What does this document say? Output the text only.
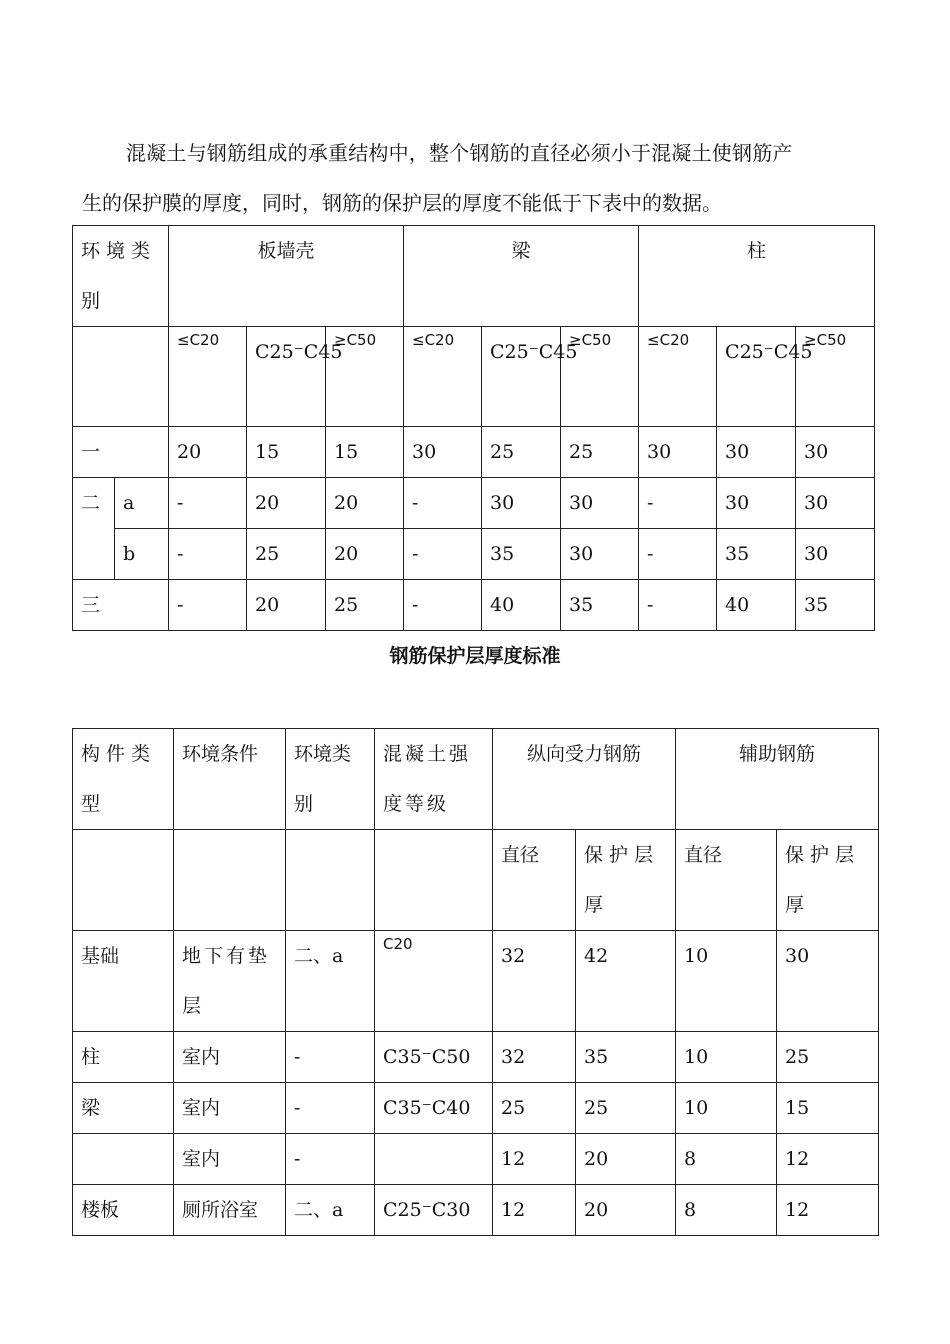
混凝土与钢筋组成的承重结构中，整个钢筋的直径必须小于混凝土使钢筋产
生的保护膜的厚度，同时，钢筋的保护层的厚度不能低于下表中的数据。
环境类别		板墙壳			梁			柱		
		≤C20	C25⁻C45	≥C50	≤C20	C25⁻C45	≥C50	≤C20	C25⁻C45	≥C50
一		20	15	15	30	25	25	30	30	30
二	a	-	20	20	-	30	30	-	30	30
	b	-	25	20	-	35	30	-	35	30
三		-	20	25	-	40	35	-	40	35
钢筋保护层厚度标准
构件类型	环境条件	环境类别	混凝土强度等级	纵向受力钢筋		辅助钢筋	
				直径	保护层厚	直径	保护层厚
基础	地下有垫层	二、a	C20	32	42	10	30
柱	室内	-	C35⁻C50	32	35	10	25
梁	室内	-	C35⁻C40	25	25	10	15
	室内	-		12	20	8	12
楼板	厕所浴室	二、a	C25⁻C30	12	20	8	12
